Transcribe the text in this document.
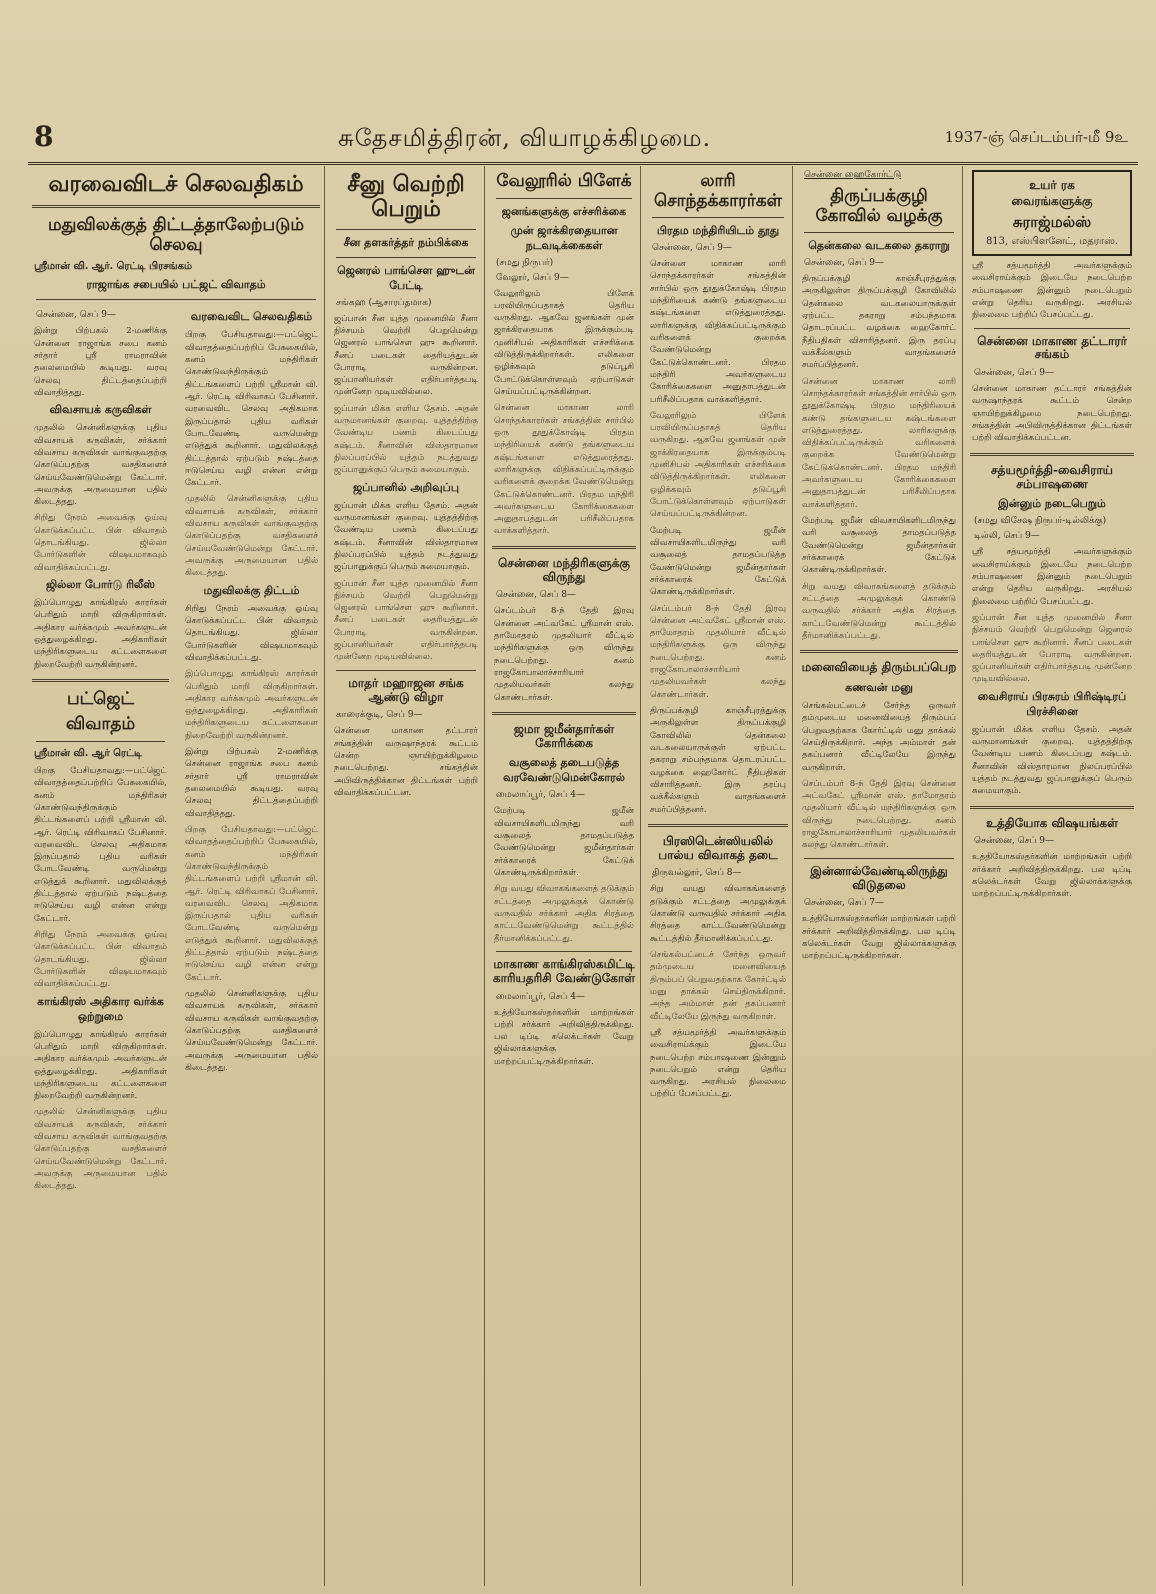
8	சுதேசமித்திரன், வியாழக்கிழமை.	1937-ஞ் செப்டம்பர்-மீ 9உ
வரவைவிடச் செலவதிகம்
மதுவிலக்குத் திட்டத்தாலேற்படும் செலவு
ஸ்ரீமான் வி. ஆர். ரெட்டி பிரசங்கம்
ராஜாங்க சபையில் பட்ஜட் விவாதம்
சென்னை, செப் 9—
இன்று பிற்பகல் 2-மணிக்கு சென்னை ராஜாங்க சபை கனம் சர்தார் ஸ்ரீ ராமராவின் தலைமையில் கூடியது. வரவு செலவு திட்டத்தைப்பற்றி விவாதித்தது.
விவசாயக் கருவிகள்
முதலில் சென்னிகளுக்கு புதிய விவசாயக் கருவிகள், சர்க்கார் விவசாய கருவிகள் வாங்குவதற்கு கொடுப்பதற்கு வசதிகளைச் செய்யவேண்டுமென்று கேட்டார். அவருக்கு அருமையான பதில் கிடைத்தது.
சிறிது நேரம் அவைக்கு ஓய்வு கொடுக்கப்பட்ட பின் விவாதம் தொடங்கியது. ஜில்லா போர்டுகளின் விஷயமாகவும் விவாதிக்கப்பட்டது.
ஜில்லா போர்டு ரிலீஸ்
இப்பொழுது காங்கிரஸ் காரர்கள் பெரிதும் மாறி விருகிறார்கள். அதிகார வர்க்கமும் அவர்களுடன் ஒத்துழைக்கிறது. அதிகாரிகள் மந்திரிகளுடைய கட்டளைகளை நிறைவேற்றி வருகின்றனர்.
பட்ஜெட்
விவாதம்
ஸ்ரீமான் வி. ஆர் ரெட்டி
பிறகு பேசியதாவது:—பட்ஜெட் விவாதத்தைப்பற்றிப் பேசுகையில், கனம் மந்திரிகள் கொண்டுவந்திருக்கும் திட்டங்களைப் பற்றி ஸ்ரீமான் வி. ஆர். ரெட்டி விரிவாகப் பேசினார். வரவைவிட செலவு அதிகமாக இருப்பதால் புதிய வரிகள் போடவேண்டி வருமென்று எடுத்துக் கூறினார். மதுவிலக்குத் திட்டத்தால் ஏற்படும் நஷ்டத்தை ஈடுசெய்ய வழி என்ன என்று கேட்டார்.
சிறிது நேரம் அவைக்கு ஓய்வு கொடுக்கப்பட்ட பின் விவாதம் தொடங்கியது. ஜில்லா போர்டுகளின் விஷயமாகவும் விவாதிக்கப்பட்டது.
காங்கிரஸ் அதிகார வர்க்க ஒற்றுமை
இப்பொழுது காங்கிரஸ் காரர்கள் பெரிதும் மாறி விருகிறார்கள். அதிகார வர்க்கமும் அவர்களுடன் ஒத்துழைக்கிறது. அதிகாரிகள் மந்திரிகளுடைய கட்டளைகளை நிறைவேற்றி வருகின்றனர்.
முதலில் சென்னிகளுக்கு புதிய விவசாயக் கருவிகள், சர்க்கார் விவசாய கருவிகள் வாங்குவதற்கு கொடுப்பதற்கு வசதிகளைச் செய்யவேண்டுமென்று கேட்டார். அவருக்கு அருமையான பதில் கிடைத்தது.
வரவைவிட செலவதிகம்
பிறகு பேசியதாவது:—பட்ஜெட் விவாதத்தைப்பற்றிப் பேசுகையில், கனம் மந்திரிகள் கொண்டுவந்திருக்கும் திட்டங்களைப் பற்றி ஸ்ரீமான் வி. ஆர். ரெட்டி விரிவாகப் பேசினார். வரவைவிட செலவு அதிகமாக இருப்பதால் புதிய வரிகள் போடவேண்டி வருமென்று எடுத்துக் கூறினார். மதுவிலக்குத் திட்டத்தால் ஏற்படும் நஷ்டத்தை ஈடுசெய்ய வழி என்ன என்று கேட்டார்.
முதலில் சென்னிகளுக்கு புதிய விவசாயக் கருவிகள், சர்க்கார் விவசாய கருவிகள் வாங்குவதற்கு கொடுப்பதற்கு வசதிகளைச் செய்யவேண்டுமென்று கேட்டார். அவருக்கு அருமையான பதில் கிடைத்தது.
மதுவிலக்கு திட்டம்
சிறிது நேரம் அவைக்கு ஓய்வு கொடுக்கப்பட்ட பின் விவாதம் தொடங்கியது. ஜில்லா போர்டுகளின் விஷயமாகவும் விவாதிக்கப்பட்டது.
இப்பொழுது காங்கிரஸ் காரர்கள் பெரிதும் மாறி விருகிறார்கள். அதிகார வர்க்கமும் அவர்களுடன் ஒத்துழைக்கிறது. அதிகாரிகள் மந்திரிகளுடைய கட்டளைகளை நிறைவேற்றி வருகின்றனர்.
இன்று பிற்பகல் 2-மணிக்கு சென்னை ராஜாங்க சபை கனம் சர்தார் ஸ்ரீ ராமராவின் தலைமையில் கூடியது. வரவு செலவு திட்டத்தைப்பற்றி விவாதித்தது.
பிறகு பேசியதாவது:—பட்ஜெட் விவாதத்தைப்பற்றிப் பேசுகையில், கனம் மந்திரிகள் கொண்டுவந்திருக்கும் திட்டங்களைப் பற்றி ஸ்ரீமான் வி. ஆர். ரெட்டி விரிவாகப் பேசினார். வரவைவிட செலவு அதிகமாக இருப்பதால் புதிய வரிகள் போடவேண்டி வருமென்று எடுத்துக் கூறினார். மதுவிலக்குத் திட்டத்தால் ஏற்படும் நஷ்டத்தை ஈடுசெய்ய வழி என்ன என்று கேட்டார்.
முதலில் சென்னிகளுக்கு புதிய விவசாயக் கருவிகள், சர்க்கார் விவசாய கருவிகள் வாங்குவதற்கு கொடுப்பதற்கு வசதிகளைச் செய்யவேண்டுமென்று கேட்டார். அவருக்கு அருமையான பதில் கிடைத்தது.
சீனு வெற்றி பெறும்
சீன தளகர்த்தர் நம்பிக்கை
ஜெனரல் பாங்செள ஹுடன் பேட்டி
சங்கஹ (ஆசாரப்தமாக)
ஜப்பான் சீன யுத்த முனையில் சீனா நிச்சயம் வெற்றி பெறுமென்று ஜெனரல் பாங்செள ஹு கூறினார். சீனப் படைகள் தைரியத்துடன் போராடி வருகின்றன. ஜப்பானியர்கள் எதிர்பார்த்தபடி முன்னேற முடியவில்லை.
ஜப்பான் மிக்க எளிய தேசம். அதன் வருமானங்கள் குறைவு. யுத்தத்திற்கு வேண்டிய பணம் கிடைப்பது கஷ்டம். சீனாவின் விஸ்தாரமான நிலப்பரப்பில் யுத்தம் நடத்துவது ஜப்பானுக்குப் பெரும் சுமையாகும்.
ஜப்பானில் அறிவுப்பு
ஜப்பான் மிக்க எளிய தேசம். அதன் வருமானங்கள் குறைவு. யுத்தத்திற்கு வேண்டிய பணம் கிடைப்பது கஷ்டம். சீனாவின் விஸ்தாரமான நிலப்பரப்பில் யுத்தம் நடத்துவது ஜப்பானுக்குப் பெரும் சுமையாகும்.
ஜப்பான் சீன யுத்த முனையில் சீனா நிச்சயம் வெற்றி பெறுமென்று ஜெனரல் பாங்செள ஹு கூறினார். சீனப் படைகள் தைரியத்துடன் போராடி வருகின்றன. ஜப்பானியர்கள் எதிர்பார்த்தபடி முன்னேற முடியவில்லை.
மாதர் மஹாஜன சங்க ஆண்டு விழா
காரைக்குடி, செப் 9—
சென்னை மாகாண தட்டாரர் சங்கத்தின் வருஷாந்தரக் கூட்டம் சென்ற ஞாயிற்றுக்கிழமை நடைபெற்றது. சங்கத்தின் அபிவிருத்திக்கான திட்டங்கள் பற்றி விவாதிக்கப்பட்டன.
வேலூரில் பிளேக்
ஜனங்களுக்கு எச்சரிக்கை
முன் ஜாக்கிரதையான நடவடிக்கைகள்
(சமது நிருபர்)
வேலூர், செப் 9—
வேலூரிலும் பிளேக் பரவியிருப்பதாகத் தெரிய வருகிறது. ஆகவே ஜனங்கள் முன் ஜாக்கிரதையாக இருக்கும்படி முனிசிபல் அதிகாரிகள் எச்சரிக்கை விடுத்திருக்கிறார்கள். எலிகளை ஒழிக்கவும் தடுப்பூசி போட்டுக்கொள்ளவும் ஏற்பாடுகள் செய்யப்பட்டிருக்கின்றன.
சென்னை மாகாண லாரி சொந்தக்காரர்கள் சங்கத்தின் சார்பில் ஒரு தூதுக்கோஷ்டி பிரதம மந்திரியைக் கண்டு தங்களுடைய கஷ்டங்களை எடுத்துரைத்தது. லாரிகளுக்கு விதிக்கப்பட்டிருக்கும் வரிகளைக் குறைக்க வேண்டுமென்று கேட்டுக்கொண்டனர். பிரதம மந்திரி அவர்களுடைய கோரிக்கைகளை அனுதாபத்துடன் பரிசீலிப்பதாக வாக்களித்தார்.
சென்னை மந்திரிகளுக்கு விருந்து
சென்னை, செப் 8—
செப்டம்பர் 8-ந் தேதி இரவு சென்னை அட்வகேட் ஸ்ரீமான் எஸ். தாமோதரம் முதலியார் வீட்டில் மந்திரிகளுக்கு ஒரு விருந்து நடைபெற்றது. கனம் ராஜகோபாலாச்சாரியார் முதலியவர்கள் கலந்து கொண்டார்கள்.
ஜமா ஜமீன்தார்கள் கோரிக்கை
வசூலைத் தடைபடுத்த வரவேண்டுமென்கோரல்
மைலாப்பூர், செப் 4—
மேற்படி ஜமீன் விவசாயிகளிடமிருந்து வரி வசூலைத் தாமதப்படுத்த வேண்டுமென்று ஜமீன்தார்கள் சர்க்காரைக் கேட்டுக் கொண்டிருக்கிறார்கள்.
சிறு வயது விவாகங்களைத் தடுக்கும் சட்டத்தை அமுலுக்குக் கொண்டு வருவதில் சர்க்கார் அதிக சிரத்தை காட்டவேண்டுமென்று கூட்டத்தில் தீர்மானிக்கப்பட்டது.
மாகாண காங்கிரஸ்கமிட்டி காரியதரிசி வேண்டுகோள்
மைலாப்பூர், செப் 4—
உத்தியோகஸ்தர்களின் மாற்றங்கள் பற்றி சர்க்கார் அறிவித்திருக்கிறது. பல டிப்டி கலெக்டர்கள் வேறு ஜில்லாக்களுக்கு மாற்றப்பட்டிருக்கிறார்கள்.
லாரி சொந்தக்காரர்கள்
பிரதம மந்திரியிடம் தூது
சென்னை, செப் 9—
சென்னை மாகாண லாரி சொந்தக்காரர்கள் சங்கத்தின் சார்பில் ஒரு தூதுக்கோஷ்டி பிரதம மந்திரியைக் கண்டு தங்களுடைய கஷ்டங்களை எடுத்துரைத்தது. லாரிகளுக்கு விதிக்கப்பட்டிருக்கும் வரிகளைக் குறைக்க வேண்டுமென்று கேட்டுக்கொண்டனர். பிரதம மந்திரி அவர்களுடைய கோரிக்கைகளை அனுதாபத்துடன் பரிசீலிப்பதாக வாக்களித்தார்.
வேலூரிலும் பிளேக் பரவியிருப்பதாகத் தெரிய வருகிறது. ஆகவே ஜனங்கள் முன் ஜாக்கிரதையாக இருக்கும்படி முனிசிபல் அதிகாரிகள் எச்சரிக்கை விடுத்திருக்கிறார்கள். எலிகளை ஒழிக்கவும் தடுப்பூசி போட்டுக்கொள்ளவும் ஏற்பாடுகள் செய்யப்பட்டிருக்கின்றன.
மேற்படி ஜமீன் விவசாயிகளிடமிருந்து வரி வசூலைத் தாமதப்படுத்த வேண்டுமென்று ஜமீன்தார்கள் சர்க்காரைக் கேட்டுக் கொண்டிருக்கிறார்கள்.
செப்டம்பர் 8-ந் தேதி இரவு சென்னை அட்வகேட் ஸ்ரீமான் எஸ். தாமோதரம் முதலியார் வீட்டில் மந்திரிகளுக்கு ஒரு விருந்து நடைபெற்றது. கனம் ராஜகோபாலாச்சாரியார் முதலியவர்கள் கலந்து கொண்டார்கள்.
திருப்பக்குழி காஞ்சீபுரத்துக்கு அருகிலுள்ள திருப்பக்குழி கோவிலில் தென்கலை வடகலையாருக்குள் ஏற்பட்ட தகராறு சம்பந்தமாக தொடரப்பட்ட வழக்கை ஹைகோர்ட் நீதிபதிகள் விசாரித்தனர். இரு தரப்பு வக்கீல்களும் வாதங்களைச் சமர்ப்பித்தனர்.
பிரஸிடென்ஸியலில் பால்ய விவாகத் தடை
திருவல்லூர், செப் 8—
சிறு வயது விவாகங்களைத் தடுக்கும் சட்டத்தை அமுலுக்குக் கொண்டு வருவதில் சர்க்கார் அதிக சிரத்தை காட்டவேண்டுமென்று கூட்டத்தில் தீர்மானிக்கப்பட்டது.
செங்கல்பட்டைச் சேர்ந்த ஒருவர் தம்முடைய மனைவியைத் திரும்பப் பெறுவதற்காக கோர்ட்டில் மனு தாக்கல் செய்திருக்கிறார். அந்த அம்மாள் தன் தகப்பனார் வீட்டிலேயே இருந்து வருகிறாள்.
ஸ்ரீ சத்யமூர்த்தி அவர்களுக்கும் வைசிராய்க்கும் இடையே நடைபெற்ற சம்பாஷணை இன்னும் நடைபெறும் என்று தெரிய வருகிறது. அரசியல் நிலைமை பற்றிப் பேசப்பட்டது.
சென்னை ஹைகோர்ட்டு
திருப்பக்குழி கோவில் வழக்கு
தென்கலை வடகலை தகராறு
சென்னை, செப் 9—
திருப்பக்குழி காஞ்சீபுரத்துக்கு அருகிலுள்ள திருப்பக்குழி கோவிலில் தென்கலை வடகலையாருக்குள் ஏற்பட்ட தகராறு சம்பந்தமாக தொடரப்பட்ட வழக்கை ஹைகோர்ட் நீதிபதிகள் விசாரித்தனர். இரு தரப்பு வக்கீல்களும் வாதங்களைச் சமர்ப்பித்தனர்.
சென்னை மாகாண லாரி சொந்தக்காரர்கள் சங்கத்தின் சார்பில் ஒரு தூதுக்கோஷ்டி பிரதம மந்திரியைக் கண்டு தங்களுடைய கஷ்டங்களை எடுத்துரைத்தது. லாரிகளுக்கு விதிக்கப்பட்டிருக்கும் வரிகளைக் குறைக்க வேண்டுமென்று கேட்டுக்கொண்டனர். பிரதம மந்திரி அவர்களுடைய கோரிக்கைகளை அனுதாபத்துடன் பரிசீலிப்பதாக வாக்களித்தார்.
மேற்படி ஜமீன் விவசாயிகளிடமிருந்து வரி வசூலைத் தாமதப்படுத்த வேண்டுமென்று ஜமீன்தார்கள் சர்க்காரைக் கேட்டுக் கொண்டிருக்கிறார்கள்.
சிறு வயது விவாகங்களைத் தடுக்கும் சட்டத்தை அமுலுக்குக் கொண்டு வருவதில் சர்க்கார் அதிக சிரத்தை காட்டவேண்டுமென்று கூட்டத்தில் தீர்மானிக்கப்பட்டது.
மனைவியைத் திரும்பப்பெற
கணவன் மனு
செங்கல்பட்டைச் சேர்ந்த ஒருவர் தம்முடைய மனைவியைத் திரும்பப் பெறுவதற்காக கோர்ட்டில் மனு தாக்கல் செய்திருக்கிறார். அந்த அம்மாள் தன் தகப்பனார் வீட்டிலேயே இருந்து வருகிறாள்.
செப்டம்பர் 8-ந் தேதி இரவு சென்னை அட்வகேட் ஸ்ரீமான் எஸ். தாமோதரம் முதலியார் வீட்டில் மந்திரிகளுக்கு ஒரு விருந்து நடைபெற்றது. கனம் ராஜகோபாலாச்சாரியார் முதலியவர்கள் கலந்து கொண்டார்கள்.
இன்னால்வேண்டிலிருந்து விடுதலை
சென்னை, செப் 7—
உத்தியோகஸ்தர்களின் மாற்றங்கள் பற்றி சர்க்கார் அறிவித்திருக்கிறது. பல டிப்டி கலெக்டர்கள் வேறு ஜில்லாக்களுக்கு மாற்றப்பட்டிருக்கிறார்கள்.
உயர் ரக
வைரங்களுக்கு
சுராஜ்மல்ஸ்
813, எஸ்பிளனேட், மதராஸ்.
ஸ்ரீ சத்யமூர்த்தி அவர்களுக்கும் வைசிராய்க்கும் இடையே நடைபெற்ற சம்பாஷணை இன்னும் நடைபெறும் என்று தெரிய வருகிறது. அரசியல் நிலைமை பற்றிப் பேசப்பட்டது.
சென்னை மாகாண தட்டாரர் சங்கம்
சென்னை, செப் 9—
சென்னை மாகாண தட்டாரர் சங்கத்தின் வருஷாந்தரக் கூட்டம் சென்ற ஞாயிற்றுக்கிழமை நடைபெற்றது. சங்கத்தின் அபிவிருத்திக்கான திட்டங்கள் பற்றி விவாதிக்கப்பட்டன.
சத்யமூர்த்தி-வைசிராய் சம்பாஷணை
இன்னும் நடைபெறும்
(சமது விசேஷ நிருபர்-டில்லிக்கு)
டில்லி, செப் 9—
ஸ்ரீ சத்யமூர்த்தி அவர்களுக்கும் வைசிராய்க்கும் இடையே நடைபெற்ற சம்பாஷணை இன்னும் நடைபெறும் என்று தெரிய வருகிறது. அரசியல் நிலைமை பற்றிப் பேசப்பட்டது.
ஜப்பான் சீன யுத்த முனையில் சீனா நிச்சயம் வெற்றி பெறுமென்று ஜெனரல் பாங்செள ஹு கூறினார். சீனப் படைகள் தைரியத்துடன் போராடி வருகின்றன. ஜப்பானியர்கள் எதிர்பார்த்தபடி முன்னேற முடியவில்லை.
வைசிராய் பிரசுரம் பிரிஷ்டிரப் பிரச்சினை
ஜப்பான் மிக்க எளிய தேசம். அதன் வருமானங்கள் குறைவு. யுத்தத்திற்கு வேண்டிய பணம் கிடைப்பது கஷ்டம். சீனாவின் விஸ்தாரமான நிலப்பரப்பில் யுத்தம் நடத்துவது ஜப்பானுக்குப் பெரும் சுமையாகும்.
உத்தியோக விஷயங்கள்
சென்னை, செப் 9—
உத்தியோகஸ்தர்களின் மாற்றங்கள் பற்றி சர்க்கார் அறிவித்திருக்கிறது. பல டிப்டி கலெக்டர்கள் வேறு ஜில்லாக்களுக்கு மாற்றப்பட்டிருக்கிறார்கள்.
